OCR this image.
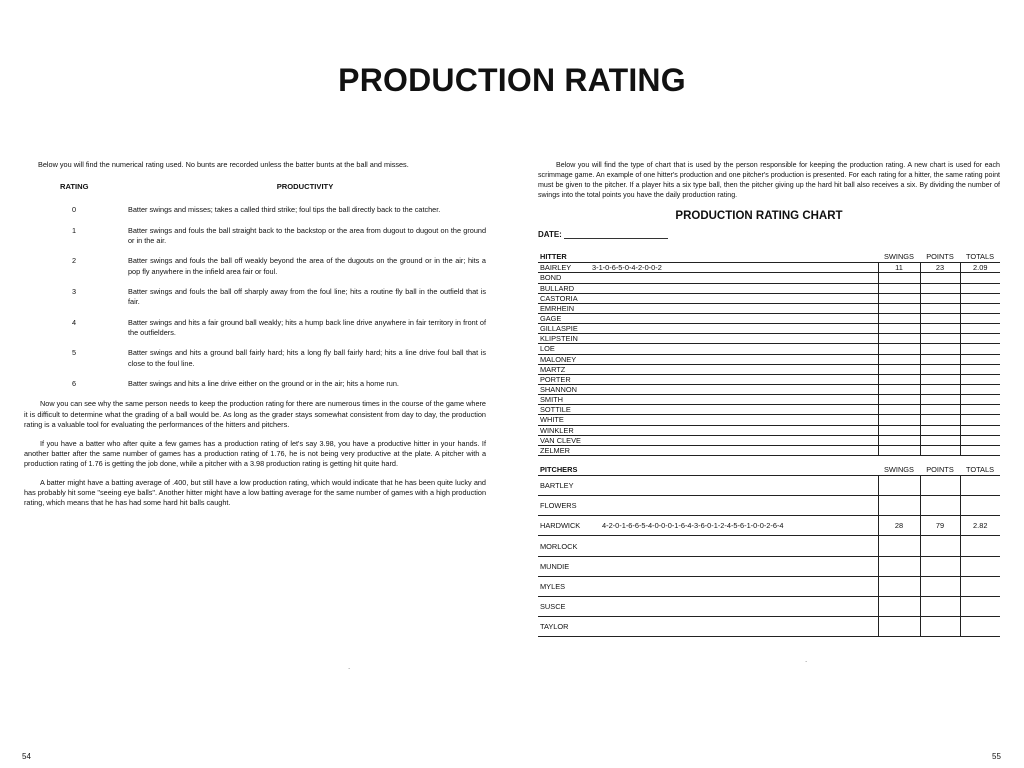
PRODUCTION RATING

Below you will find the numerical rating used. No bunts are recorded unless the batter bunts at the ball and misses.

RATING	PRODUCTIVITY
0	Batter swings and misses; takes a called third strike; foul tips the ball directly back to the catcher.
1	Batter swings and fouls the ball straight back to the backstop or the area from dugout to dugout on the ground or in the air.
2	Batter swings and fouls the ball off weakly beyond the area of the dugouts on the ground or in the air; hits a pop fly anywhere in the infield area fair or foul.
3	Batter swings and fouls the ball off sharply away from the foul line; hits a routine fly ball in the outfield that is fair.
4	Batter swings and hits a fair ground ball weakly; hits a hump back line drive anywhere in fair territory in front of the outfielders.
5	Batter swings and hits a ground ball fairly hard; hits a long fly ball fairly hard; hits a line drive foul ball that is close to the foul line.
6	Batter swings and hits a line drive either on the ground or in the air; hits a home run.

Now you can see why the same person needs to keep the production rating for there are numerous times in the course of the game where it is difficult to determine what the grading of a ball would be. As long as the grader stays somewhat consistent from day to day, the production rating is a valuable tool for evaluating the performances of the hitters and pitchers.

If you have a batter who after quite a few games has a production rating of let's say 3.98, you have a productive hitter in your hands. If another batter after the same number of games has a production rating of 1.76, he is not being very productive at the plate. A pitcher with a production rating of 1.76 is getting the job done, while a pitcher with a 3.98 production rating is getting hit quite hard.

A batter might have a batting average of .400, but still have a low production rating, which would indicate that he has been quite lucky and has probably hit some "seeing eye balls". Another hitter might have a low batting average for the same number of games with a high production rating, which means that he has had some hard hit balls caught.

Below you will find the type of chart that is used by the person responsible for keeping the production rating. A new chart is used for each scrimmage game. An example of one hitter's production and one pitcher's production is presented. For each rating for a hitter, the same rating point must be given to the pitcher. If a player hits a six type ball, then the pitcher giving up the hard hit ball also receives a six. By dividing the number of swings into the total points you have the daily production rating.

PRODUCTION RATING CHART
DATE:
HITTER		SWINGS	POINTS	TOTALS
BAIRLEY	3-1-0-6-5-0-4-2-0-0-2	11	23	2.09
BOND				
BULLARD				
CASTORIA				
EMRHEIN				
GAGE				
GILLASPIE				
KLIPSTEIN				
LOE				
MALONEY				
MARTZ				
PORTER				
SHANNON				
SMITH				
SOTTILE				
WHITE				
WINKLER				
VAN CLEVE				
ZELMER				
PITCHERS		SWINGS	POINTS	TOTALS
BARTLEY				
FLOWERS				
HARDWICK	4-2-0-1-6-6-5-4-0-0-0-1-6-4-3-6-0-1-2-4-5-6-1-0-0-2-6-4	28	79	2.82
MORLOCK				
MUNDIE				
MYLES				
SUSCE				
TAYLOR				
54	55
.
.
